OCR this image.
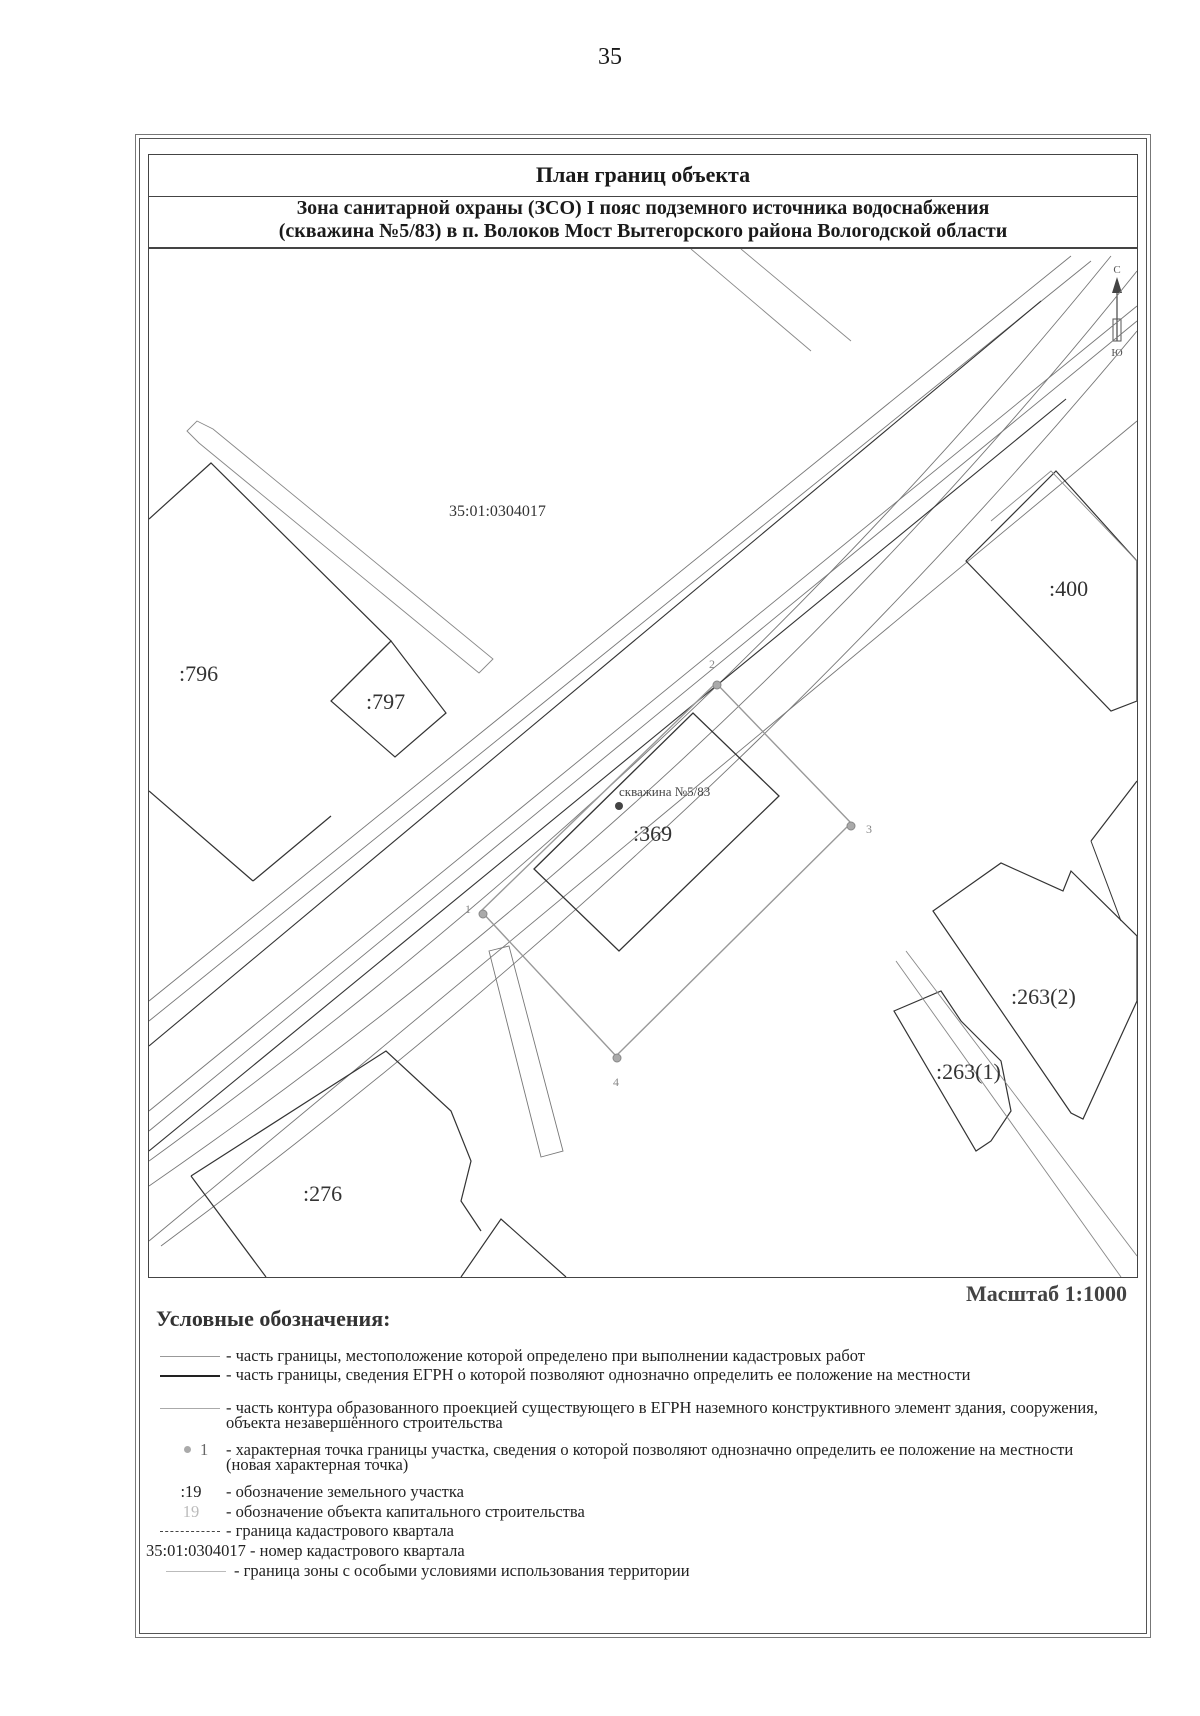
35
План границ объекта
Зона санитарной охраны (ЗСО) I пояс подземного источника водоснабжения
(скважина №5/83) в п. Волоков Мост Вытегорского района Вологодской области
С
Ю
1
2
3
4
скважина №5/83
35:01:0304017
:796
:797
:400
:369
:263(2)
:263(1)
:276
Масштаб 1:1000
Условные обозначения:
- часть границы, местоположение которой определено при выполнении кадастровых работ
- часть границы, сведения ЕГРН о которой позволяют однозначно определить ее положение на местности
- часть контура образованного проекцией существующего в ЕГРН наземного конструктивного элемент здания, сооружения, объекта незавершённого строительства
1 - характерная точка границы участка, сведения о которой позволяют однозначно определить ее положение на местности (новая характерная точка)
:19 - обозначение земельного участка
19 - обозначение объекта капитального строительства
- граница кадастрового квартала
35:01:0304017 - номер кадастрового квартала
- граница зоны с особыми условиями использования территории
